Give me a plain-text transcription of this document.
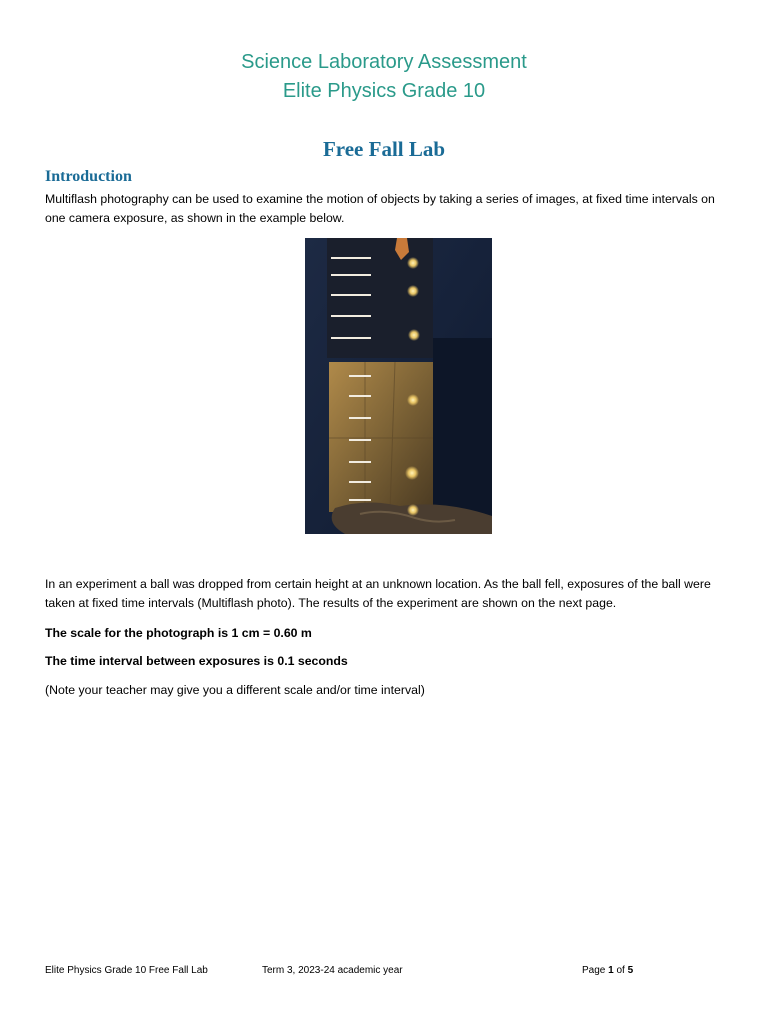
Science Laboratory Assessment
Elite Physics Grade 10
Free Fall Lab
Introduction
Multiflash photography can be used to examine the motion of objects by taking a series of images, at fixed time intervals on one camera exposure, as shown in the example below.
In an experiment a ball was dropped from certain height at an unknown location. As the ball fell, exposures of the ball were taken at fixed time intervals (Multiflash photo). The results of the experiment are shown on the next page.
The scale for the photograph is 1 cm = 0.60 m
The time interval between exposures is 0.1 seconds
(Note your teacher may give you a different scale and/or time interval)
Elite Physics Grade 10 Free Fall Lab	Term 3, 2023-24 academic year	Page 1 of 5
